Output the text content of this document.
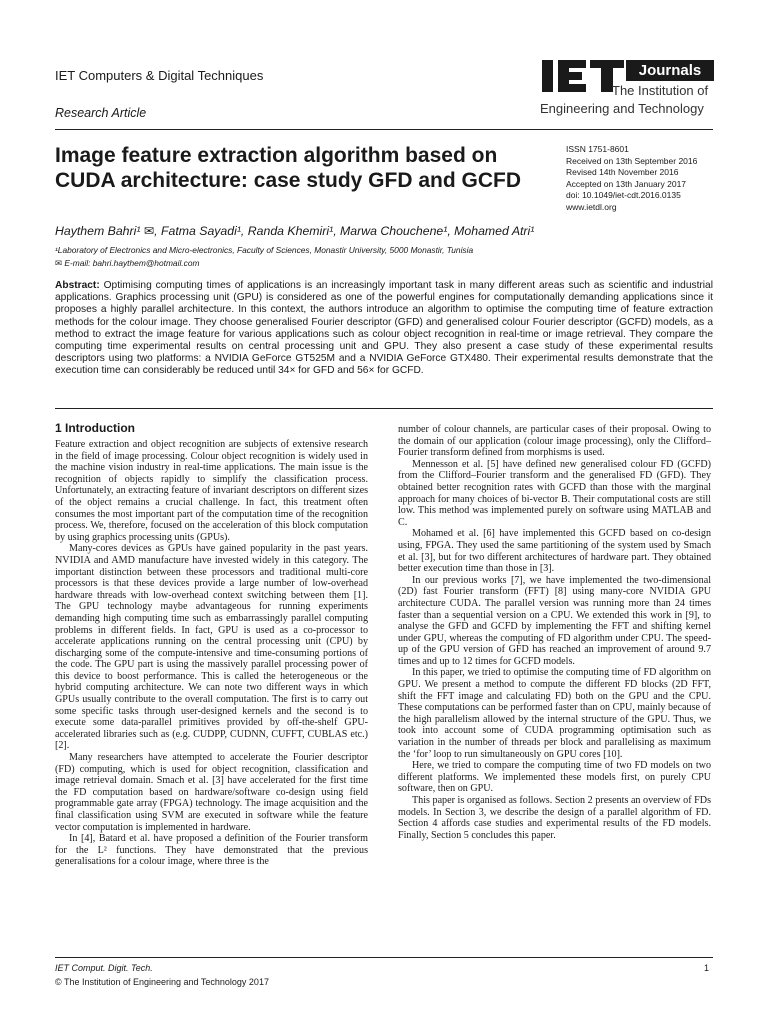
IET Computers & Digital Techniques
Research Article
Journals
The Institution of
Engineering and Technology
Image feature extraction algorithm based on CUDA architecture: case study GFD and GCFD
ISSN 1751-8601
Received on 13th September 2016
Revised 14th November 2016
Accepted on 13th January 2017
doi: 10.1049/iet-cdt.2016.0135
www.ietdl.org
Haythem Bahri¹ ✉, Fatma Sayadi¹, Randa Khemiri¹, Marwa Chouchene¹, Mohamed Atri¹
¹Laboratory of Electronics and Micro-electronics, Faculty of Sciences, Monastir University, 5000 Monastir, Tunisia
✉ E-mail: bahri.haythem@hotmail.com

Abstract: Optimising computing times of applications is an increasingly important task in many different areas such as scientific and industrial applications. Graphics processing unit (GPU) is considered as one of the powerful engines for computationally demanding applications since it proposes a highly parallel architecture. In this context, the authors introduce an algorithm to optimise the computing time of feature extraction methods for the colour image. They choose generalised Fourier descriptor (GFD) and generalised colour Fourier descriptor (GCFD) models, as a method to extract the image feature for various applications such as colour object recognition in real-time or image retrieval. They compare the computing time experimental results on central processing unit and GPU. They also present a case study of these experimental results descriptors using two platforms: a NVIDIA GeForce GT525M and a NVIDIA GeForce GTX480. Their experimental results demonstrate that the execution time can considerably be reduced until 34× for GFD and 56× for GCFD.

1 Introduction

Feature extraction and object recognition are subjects of extensive research in the field of image processing. Colour object recognition is widely used in the machine vision industry in real-time applications. The main issue is the recognition of objects rapidly to simplify the classification process. Unfortunately, an extracting feature of invariant descriptors on different sizes of the object remains a crucial challenge. In fact, this treatment often consumes the most important part of the computation time of the recognition process. We, therefore, focused on the acceleration of this block computation by using graphics processing units (GPUs).

Many-cores devices as GPUs have gained popularity in the past years. NVIDIA and AMD manufacture have invested widely in this category. The important distinction between these processors and traditional multi-core processors is that these devices provide a large number of low-overhead hardware threads with low-overhead context switching between them [1]. The GPU technology maybe advantageous for running experiments demanding high computing time such as embarrassingly parallel computing problems in different fields. In fact, GPU is used as a co-processor to accelerate applications running on the central processing unit (CPU) by discharging some of the compute-intensive and time-consuming portions of the code. The GPU part is using the massively parallel processing power of this device to boost performance. This is called the heterogeneous or the hybrid computing architecture. We can note two different ways in which GPUs usually contribute to the overall computation. The first is to carry out some specific tasks through user-designed kernels and the second is to execute some data-parallel primitives provided by off-the-shelf GPU-accelerated libraries such as (e.g. CUDPP, CUDNN, CUFFT, CUBLAS etc.) [2].

Many researchers have attempted to accelerate the Fourier descriptor (FD) computing, which is used for object recognition, classification and image retrieval domain. Smach et al. [3] have accelerated for the first time the FD computation based on hardware/software co-design using field programmable gate array (FPGA) technology. The image acquisition and the final classification using SVM are executed in software while the feature vector computation is implemented in hardware.

In [4], Batard et al. have proposed a definition of the Fourier transform for the L² functions. They have demonstrated that the previous generalisations for a colour image, where three is the

number of colour channels, are particular cases of their proposal. Owing to the domain of our application (colour image processing), only the Clifford–Fourier transform defined from morphisms is used.

Mennesson et al. [5] have defined new generalised colour FD (GCFD) from the Clifford–Fourier transform and the generalised FD (GFD). They obtained better recognition rates with GCFD than those with the marginal approach for many choices of bi-vector B. Their computational costs are still low. This method was implemented purely on software using MATLAB and C.

Mohamed et al. [6] have implemented this GCFD based on co-design using, FPGA. They used the same partitioning of the system used by Smach et al. [3], but for two different architectures of hardware part. They obtained better execution time than those in [3].

In our previous works [7], we have implemented the two-dimensional (2D) fast Fourier transform (FFT) [8] using many-core NVIDIA GPU architecture CUDA. The parallel version was running more than 24 times faster than a sequential version on a CPU. We extended this work in [9], to analyse the GFD and GCFD by implementing the FFT and shifting kernel under GPU, whereas the computing of FD algorithm under CPU. The speed-up of the GPU version of GFD has reached an improvement of around 9.7 times and up to 12 times for GCFD models.

In this paper, we tried to optimise the computing time of FD algorithm on GPU. We present a method to compute the different FD blocks (2D FFT, shift the FFT image and calculating FD) both on the GPU and the CPU. These computations can be performed faster than on CPU, mainly because of the high parallelism allowed by the internal structure of the GPU. Thus, we took into account some of CUDA programming optimisation such as variation in the number of threads per block and parallelising as maximum the ‘for’ loop to run simultaneously on GPU cores [10].

Here, we tried to compare the computing time of two FD models on two different platforms. We implemented these models first, on purely CPU software, then on GPU.

This paper is organised as follows. Section 2 presents an overview of FDs models. In Section 3, we describe the design of a parallel algorithm of FD. Section 4 affords case studies and experimental results of the FD models. Finally, Section 5 concludes this paper.

IET Comput. Digit. Tech.
© The Institution of Engineering and Technology 2017
1
